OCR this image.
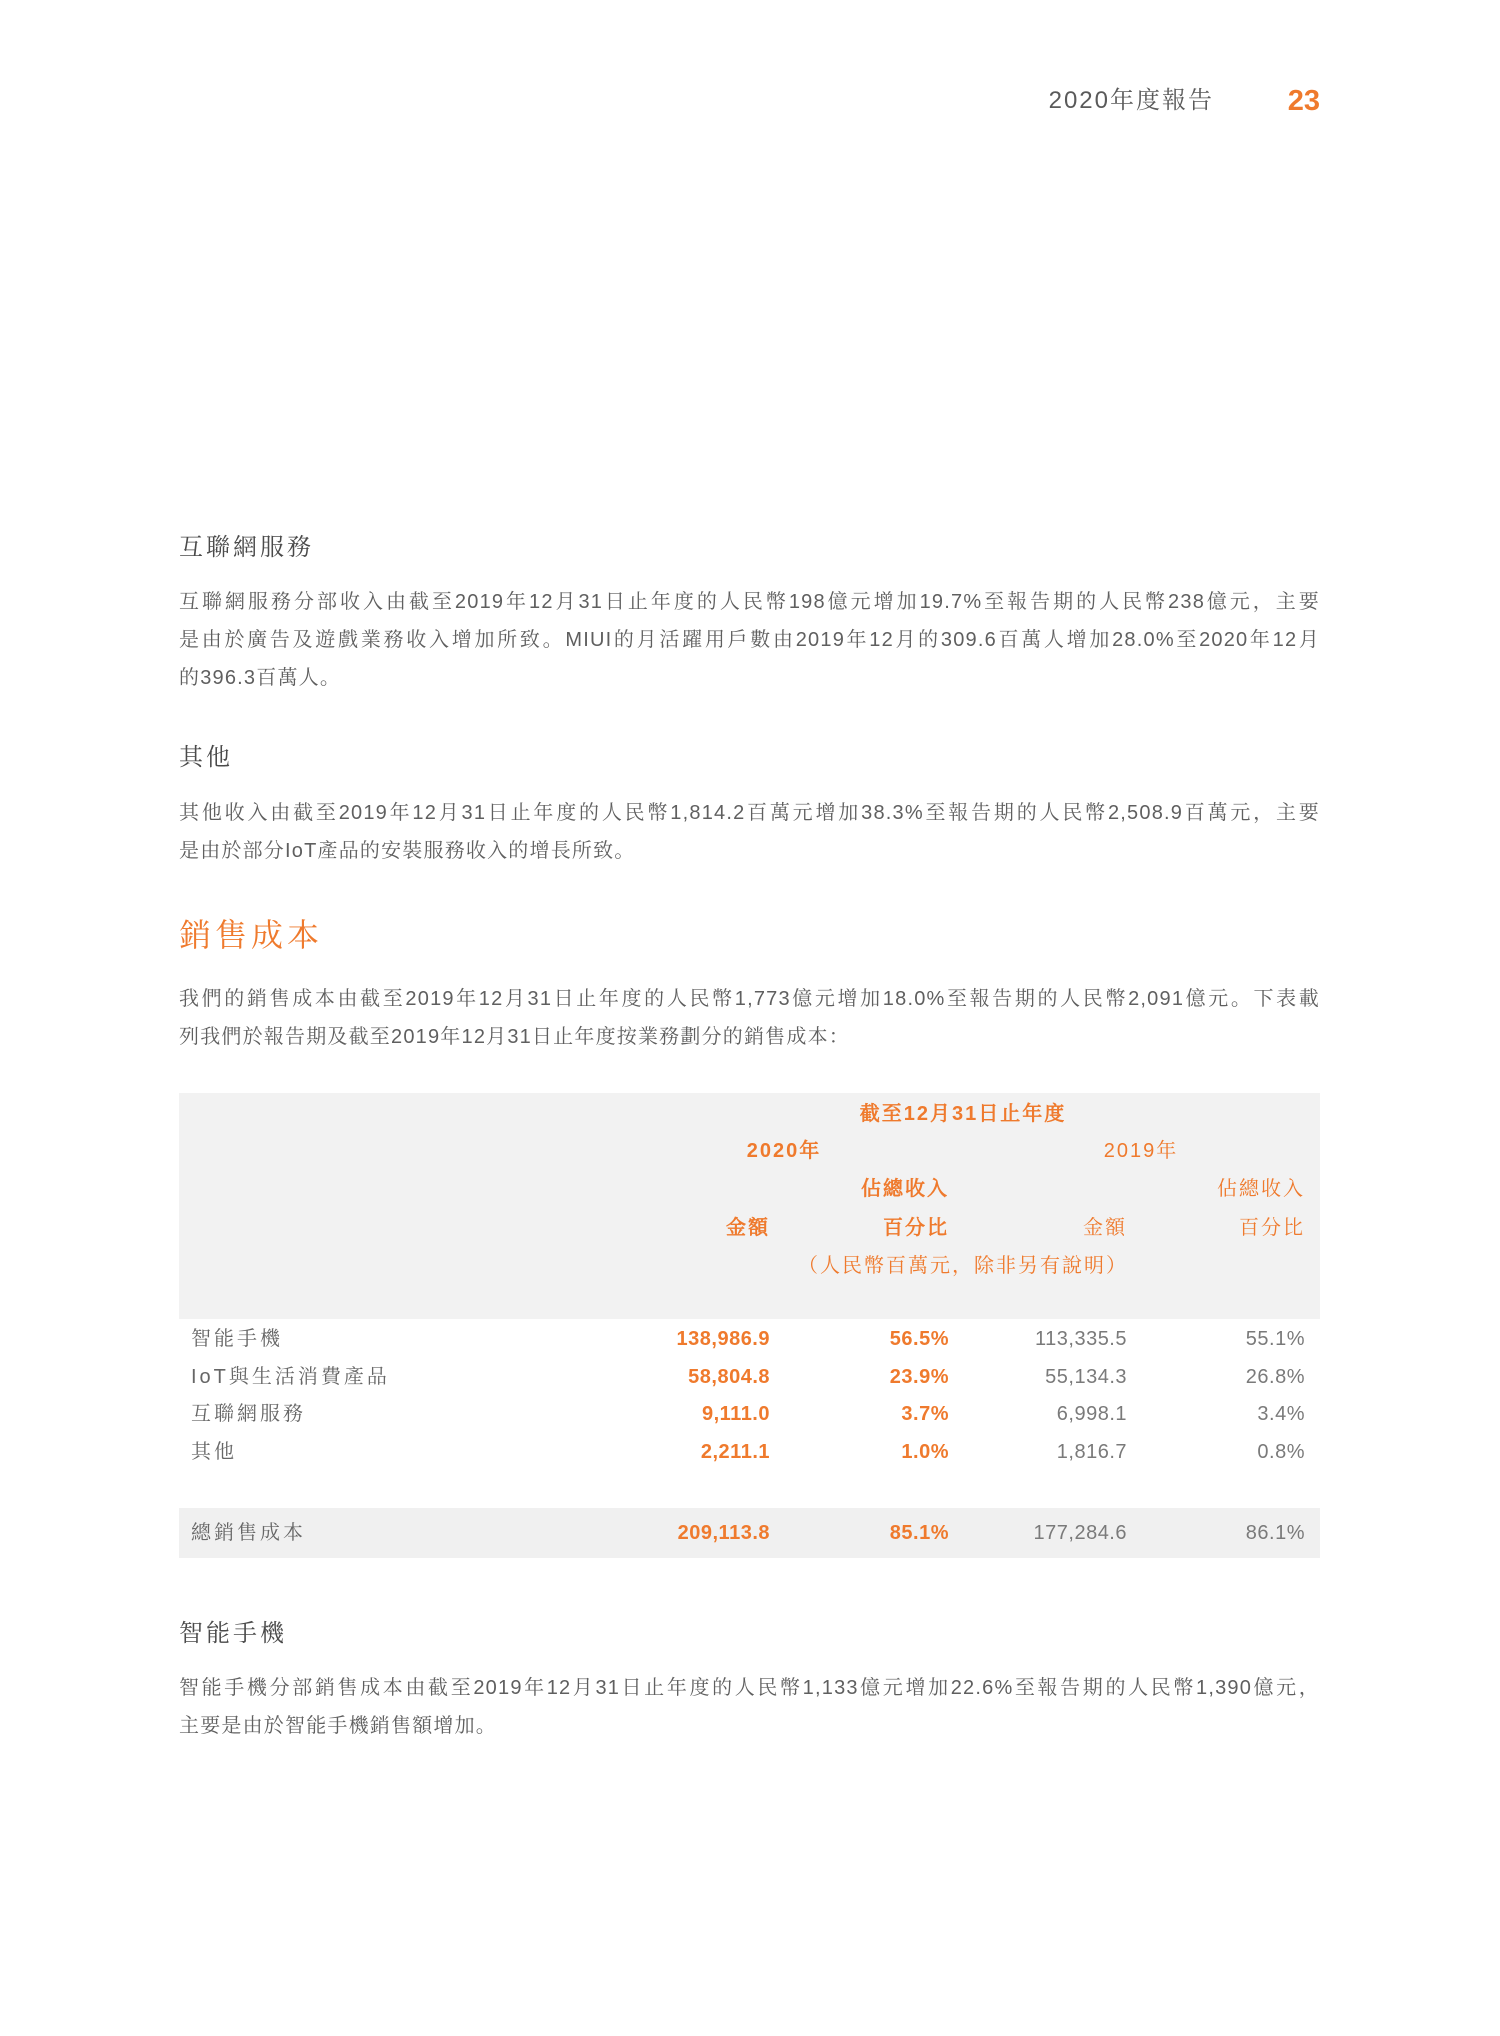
2020年度報告	23
互聯網服務
互聯網服務分部收入由截至2019年12月31日止年度的人民幣198億元增加19.7%至報告期的人民幣238億元，主要
是由於廣告及遊戲業務收入增加所致。MIUI的月活躍用戶數由2019年12月的309.6百萬人增加28.0%至2020年12月
的396.3百萬人。
其他
其他收入由截至2019年12月31日止年度的人民幣1,814.2百萬元增加38.3%至報告期的人民幣2,508.9百萬元，主要
是由於部分IoT產品的安裝服務收入的增長所致。
銷售成本
我們的銷售成本由截至2019年12月31日止年度的人民幣1,773億元增加18.0%至報告期的人民幣2,091億元。下表載
列我們於報告期及截至2019年12月31日止年度按業務劃分的銷售成本：
截至12月31日止年度
2020年	2019年
佔總收入	佔總收入
金額	百分比	金額	百分比
（人民幣百萬元，除非另有說明）
智能手機	138,986.9	56.5%	113,335.5	55.1%
IoT與生活消費產品	58,804.8	23.9%	55,134.3	26.8%
互聯網服務	9,111.0	3.7%	6,998.1	3.4%
其他	2,211.1	1.0%	1,816.7	0.8%
總銷售成本	209,113.8	85.1%	177,284.6	86.1%
智能手機
智能手機分部銷售成本由截至2019年12月31日止年度的人民幣1,133億元增加22.6%至報告期的人民幣1,390億元，
主要是由於智能手機銷售額增加。
